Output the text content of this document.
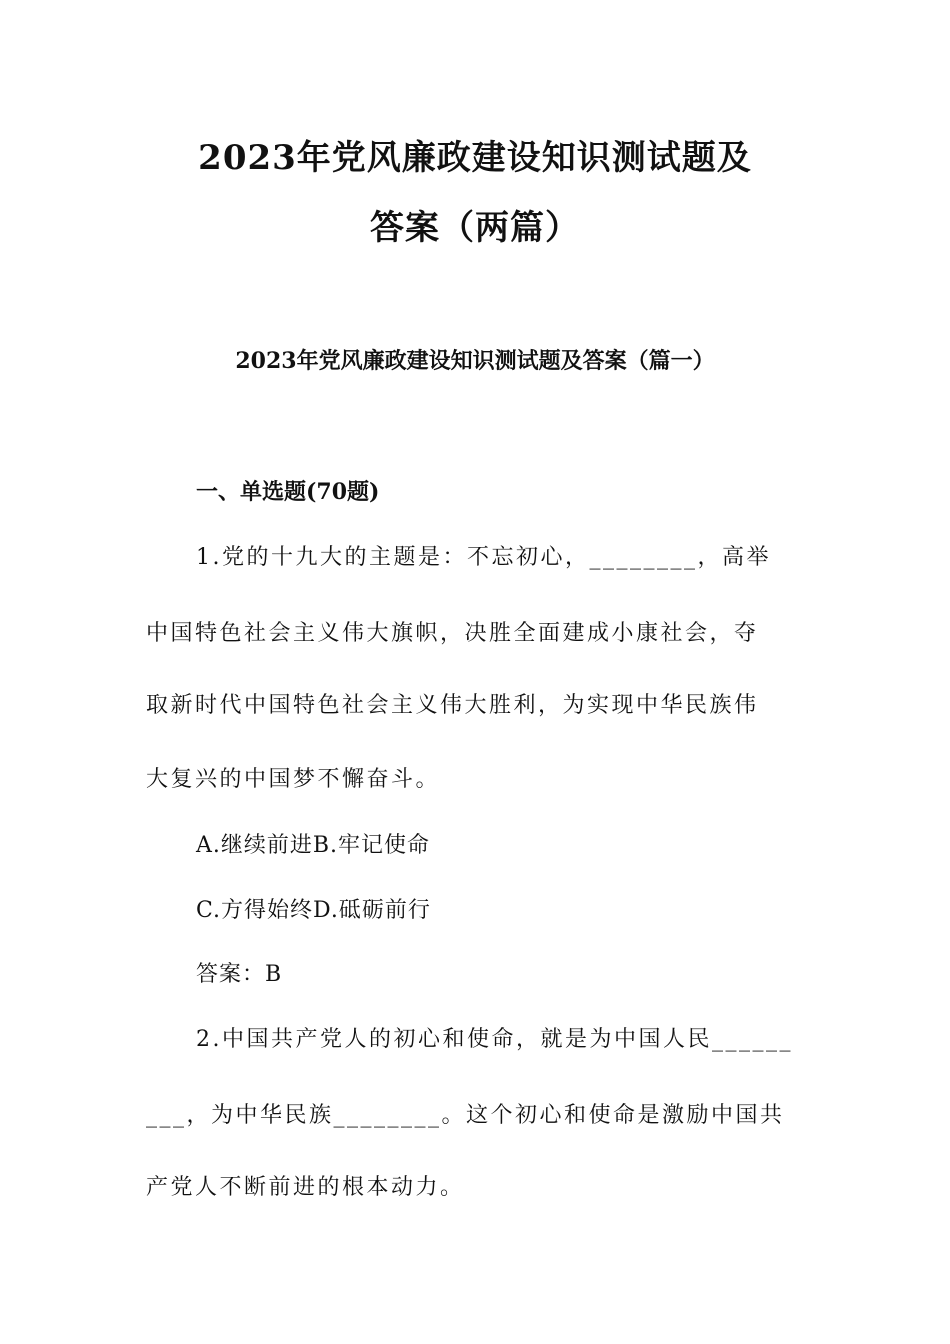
2023年党风廉政建设知识测试题及
答案（两篇）
2023年党风廉政建设知识测试题及答案（篇一）
一、单选题(70题)
1.党的十九大的主题是：不忘初心，________，高举
中国特色社会主义伟大旗帜，决胜全面建成小康社会，夺
取新时代中国特色社会主义伟大胜利，为实现中华民族伟
大复兴的中国梦不懈奋斗。
A.继续前进B.牢记使命
C.方得始终D.砥砺前行
答案：B
2.中国共产党人的初心和使命，就是为中国人民______
___，为中华民族________。这个初心和使命是激励中国共
产党人不断前进的根本动力。
